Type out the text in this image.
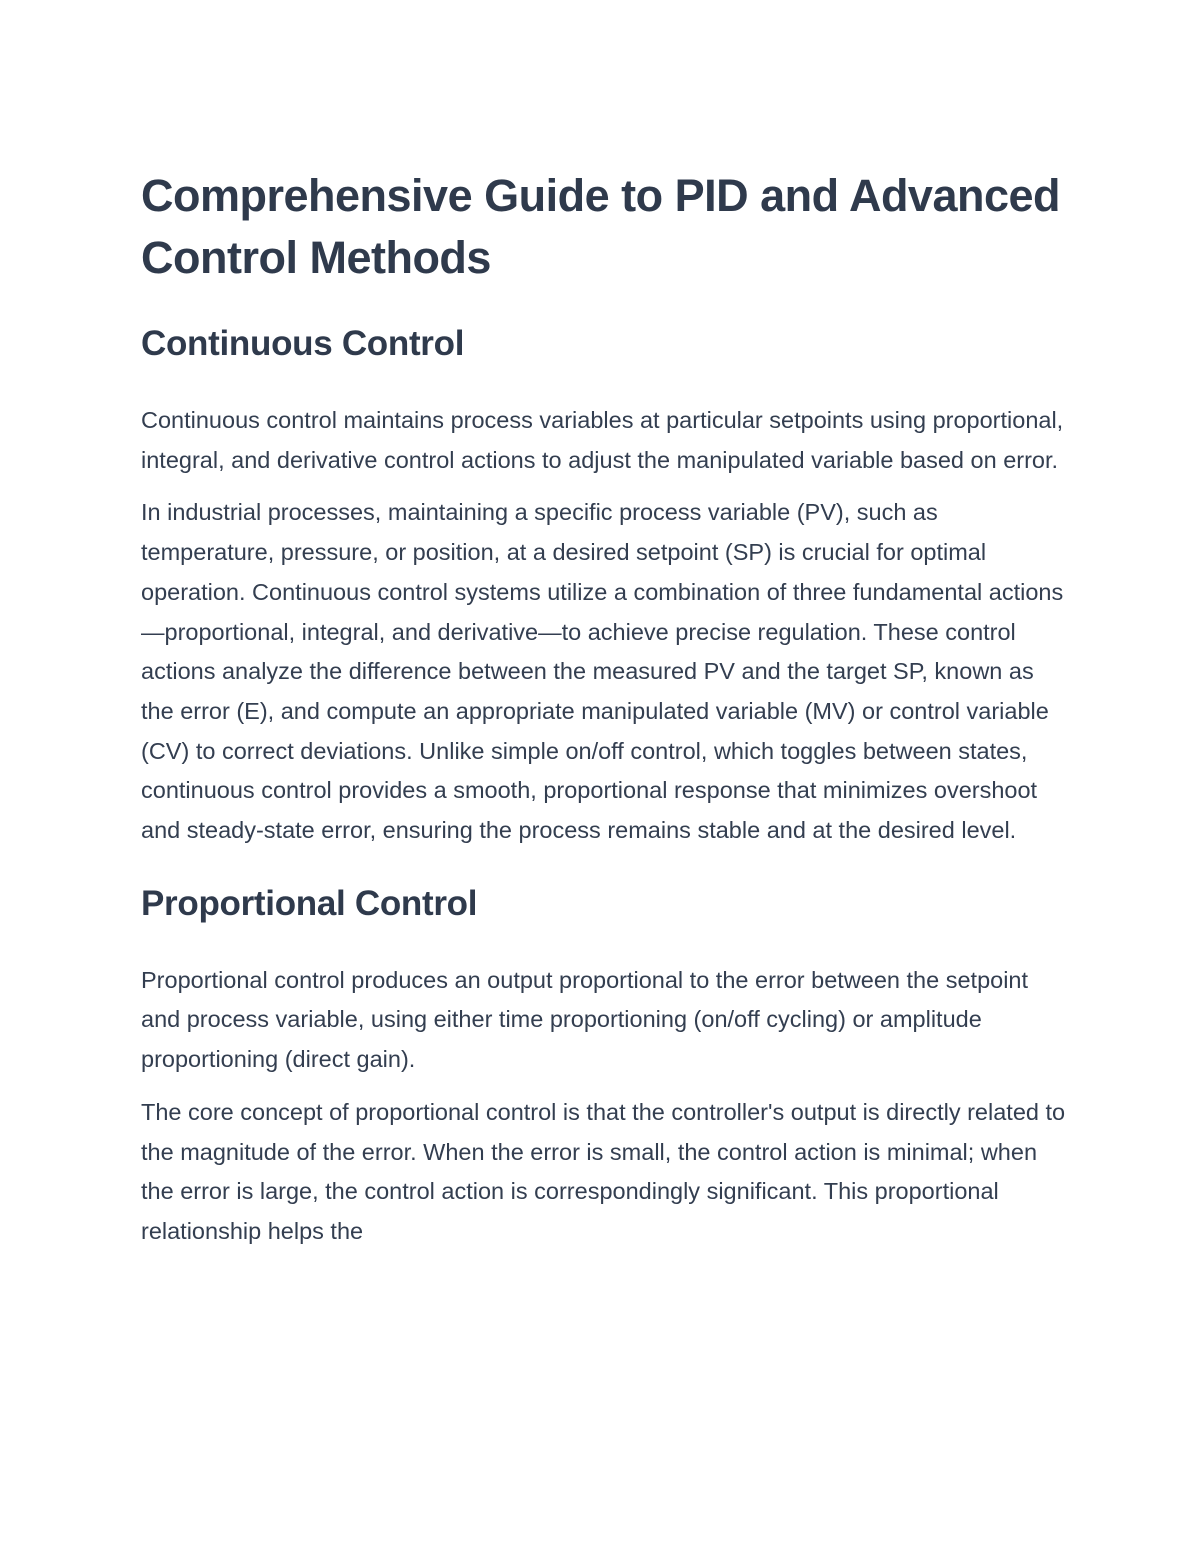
Comprehensive Guide to PID and Advanced Control Methods
Continuous Control

Continuous control maintains process variables at particular setpoints using proportional, integral, and derivative control actions to adjust the manipulated variable based on error.

In industrial processes, maintaining a specific process variable (PV), such as temperature, pressure, or position, at a desired setpoint (SP) is crucial for optimal operation. Continuous control systems utilize a combination of three fundamental actions—proportional, integral, and derivative—to achieve precise regulation. These control actions analyze the difference between the measured PV and the target SP, known as the error (E), and compute an appropriate manipulated variable (MV) or control variable (CV) to correct deviations. Unlike simple on/off control, which toggles between states, continuous control provides a smooth, proportional response that minimizes overshoot and steady-state error, ensuring the process remains stable and at the desired level.

Proportional Control

Proportional control produces an output proportional to the error between the setpoint and process variable, using either time proportioning (on/off cycling) or amplitude proportioning (direct gain).

The core concept of proportional control is that the controller's output is directly related to the magnitude of the error. When the error is small, the control action is minimal; when the error is large, the control action is correspondingly significant. This proportional relationship helps the
